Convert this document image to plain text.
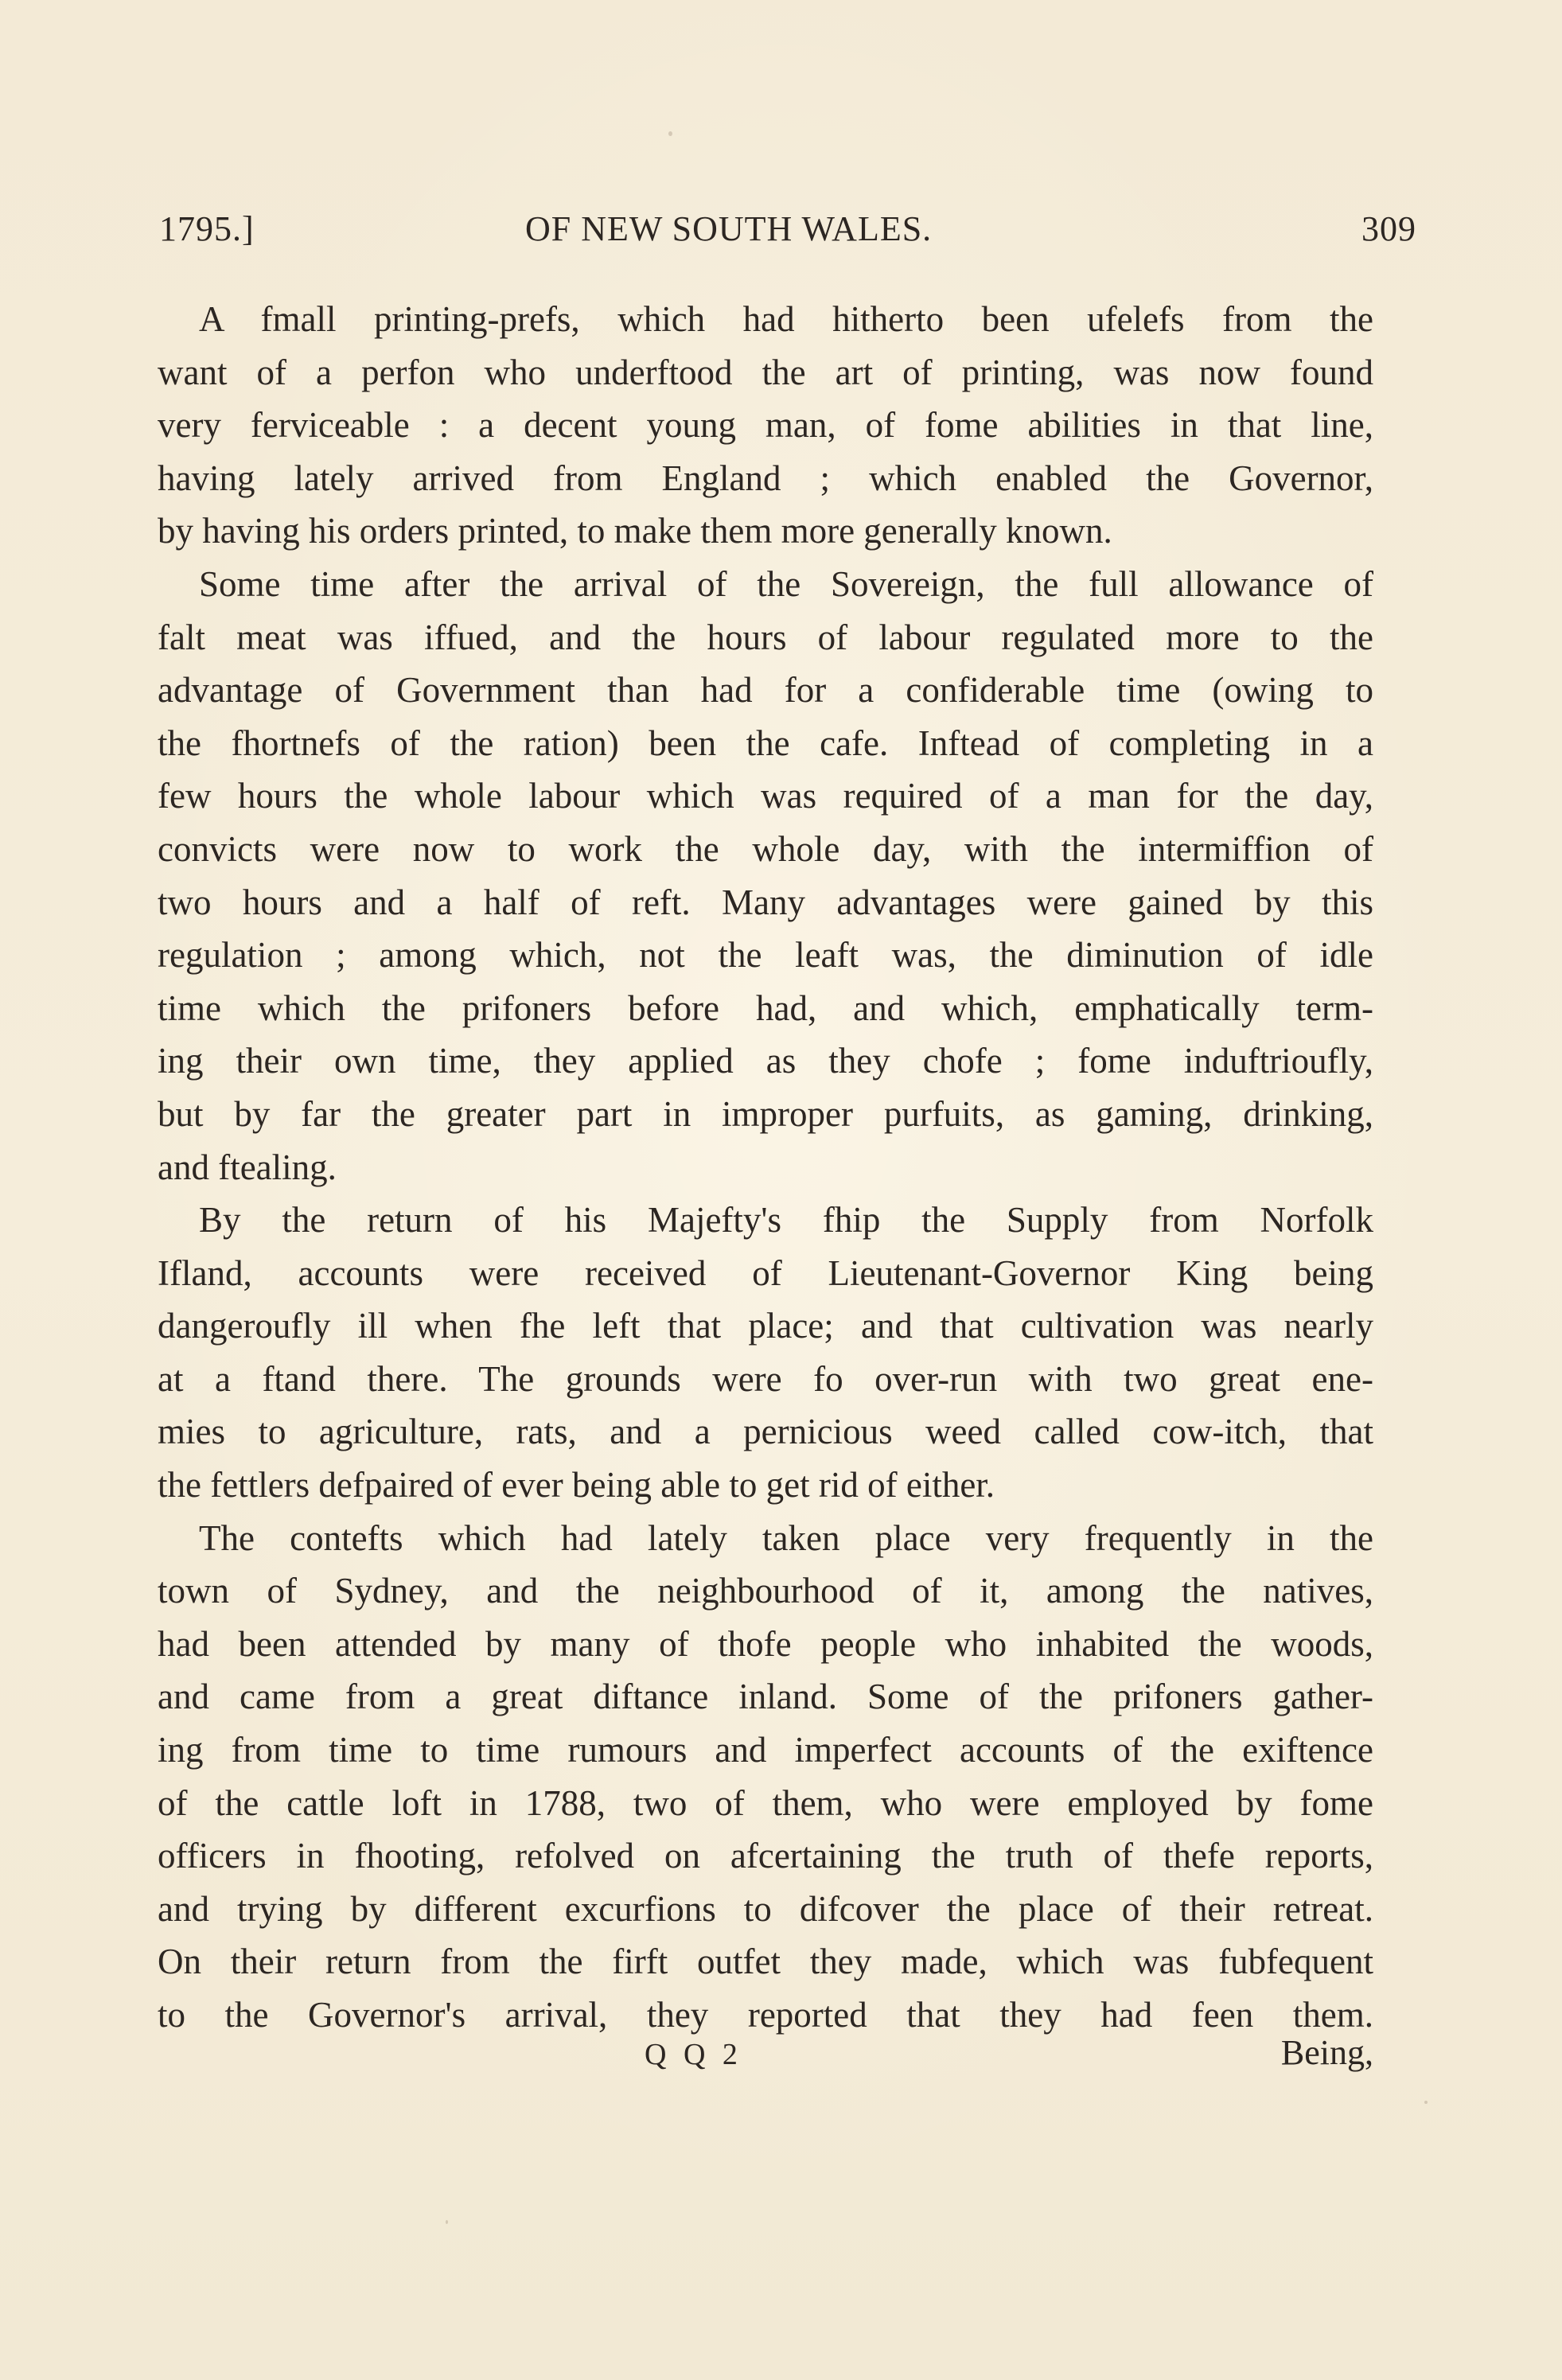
1795.]	OF NEW SOUTH WALES.	309
A fmall printing-prefs, which had hitherto been ufelefs from the
want of a perfon who underftood the art of printing, was now found
very ferviceable : a decent young man, of fome abilities in that line,
having lately arrived from England ; which enabled the Governor,
by having his orders printed, to make them more generally known.
Some time after the arrival of the Sovereign, the full allowance of
falt meat was iffued, and the hours of labour regulated more to the
advantage of Government than had for a confiderable time (owing to
the fhortnefs of the ration) been the cafe. Inftead of completing in a
few hours the whole labour which was required of a man for the day,
convicts were now to work the whole day, with the intermiffion of
two hours and a half of reft. Many advantages were gained by this
regulation ; among which, not the leaft was, the diminution of idle
time which the prifoners before had, and which, emphatically term-
ing their own time, they applied as they chofe ; fome induftrioufly,
but by far the greater part in improper purfuits, as gaming, drinking,
and ftealing.
By the return of his Majefty's fhip the Supply from Norfolk
Ifland, accounts were received of Lieutenant-Governor King being
dangeroufly ill when fhe left that place; and that cultivation was nearly
at a ftand there. The grounds were fo over-run with two great ene-
mies to agriculture, rats, and a pernicious weed called cow-itch, that
the fettlers defpaired of ever being able to get rid of either.
The contefts which had lately taken place very frequently in the
town of Sydney, and the neighbourhood of it, among the natives,
had been attended by many of thofe people who inhabited the woods,
and came from a great diftance inland. Some of the prifoners gather-
ing from time to time rumours and imperfect accounts of the exiftence
of the cattle loft in 1788, two of them, who were employed by fome
officers in fhooting, refolved on afcertaining the truth of thefe reports,
and trying by different excurfions to difcover the place of their retreat.
On their return from the firft outfet they made, which was fubfequent
to the Governor's arrival, they reported that they had feen them.
Q Q 2	Being,
